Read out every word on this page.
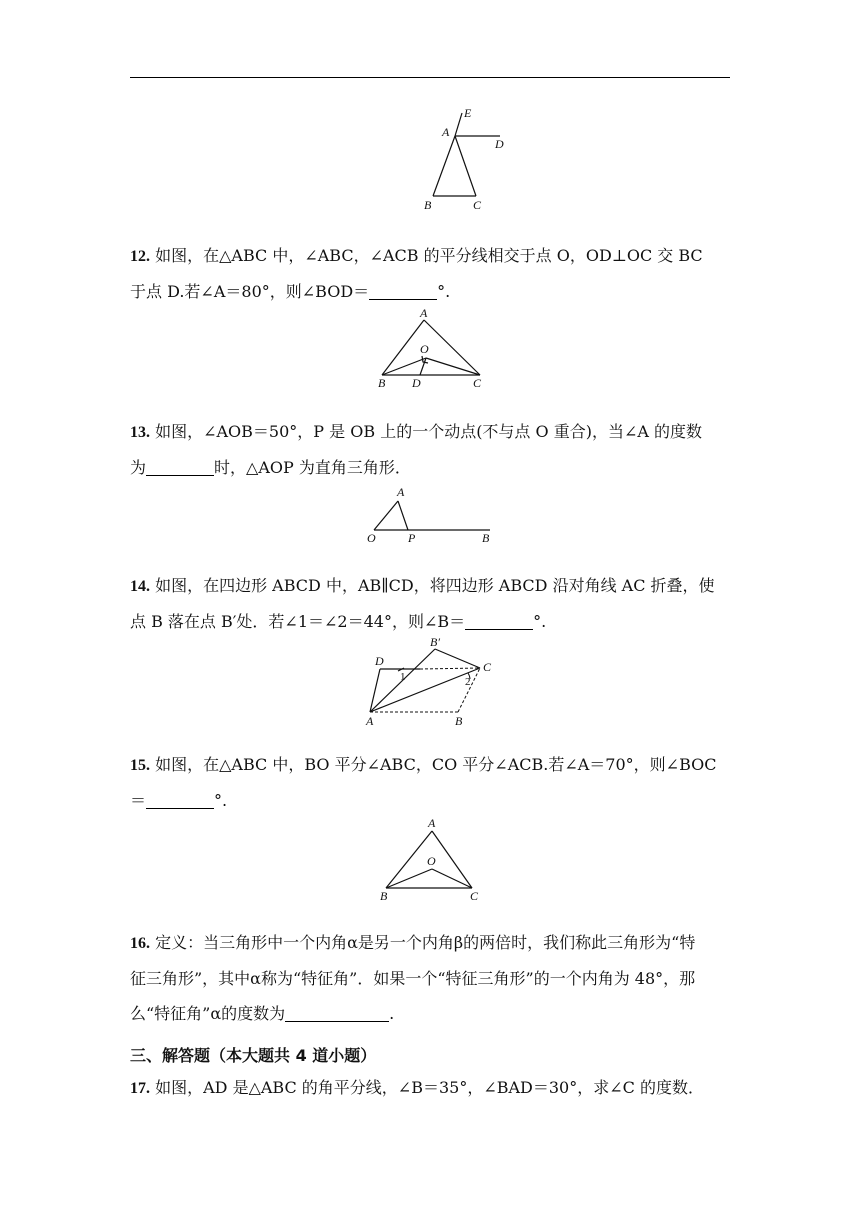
A
E
D
B	C

12. 如图，在△ABC 中，∠ABC，∠ACB 的平分线相交于点 O，OD⊥OC 交 BC

于点 D.若∠A＝80°，则∠BOD＝	°.

A
O
B D	C

13. 如图，∠AOB＝50°，P 是 OB 上的一个动点(不与点 O 重合)，当∠A 的度数

为	时，△AOP 为直角三角形．

A
O	P	B

14. 如图，在四边形 ABCD 中，AB∥CD，将四边形 ABCD 沿对角线 AC 折叠，使

点 B 落在点 B′处．若∠1＝∠2＝44°，则∠B＝	°.

B′
D	C
1	2
A	B

15. 如图，在△ABC 中，BO 平分∠ABC，CO 平分∠ACB.若∠A＝70°，则∠BOC

＝	°.

A
O
B	C

16. 定义：当三角形中一个内角α是另一个内角β的两倍时，我们称此三角形为“特

征三角形”，其中α称为“特征角”．如果一个“特征三角形”的一个内角为 48°，那

么“特征角”α的度数为	.

三、解答题（本大题共 4 道小题）

17. 如图，AD 是△ABC 的角平分线，∠B＝35°，∠BAD＝30°，求∠C 的度数．
